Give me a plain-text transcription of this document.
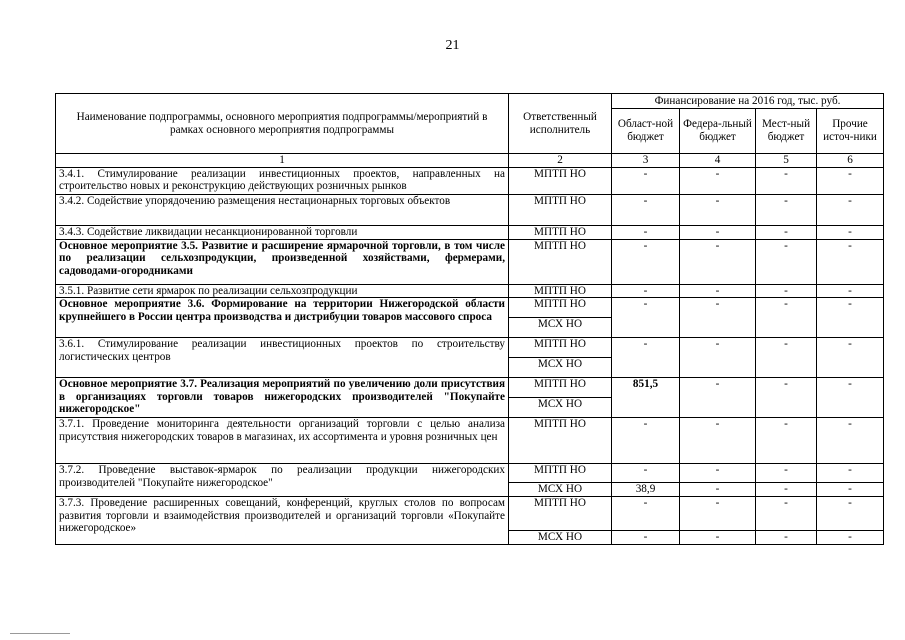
21
Наименование подпрограммы, основного мероприятия подпрограммы/мероприятий в рамках основного мероприятия подпрограммы	Ответственный исполнитель	Финансирование на 2016 год, тыс. руб.			
		Област-ной бюджет	Федера-льный бюджет	Мест-ный бюджет	Прочие источ-ники
1	2	3	4	5	6
3.4.1. Стимулирование реализации инвестиционных проектов, направленных на строительство новых и реконструкцию действующих розничных рынков	МПТП НО	-	-	-	-
3.4.2. Содействие упорядочению размещения нестационарных торговых объектов	МПТП НО	-	-	-	-
3.4.3. Содействие ликвидации несанкционированной торговли	МПТП НО	-	-	-	-
Основное мероприятие 3.5. Развитие и расширение ярмарочной торговли, в том числе по реализации сельхозпродукции, произведенной хозяйствами, фермерами, садоводами-огородниками	МПТП НО	-	-	-	-
3.5.1. Развитие сети ярмарок по реализации сельхозпродукции	МПТП НО	-	-	-	-
Основное мероприятие 3.6. Формирование на территории Нижегородской области крупнейшего в России центра производства и дистрибуции товаров массового спроса	МПТП НО	-	-	-	-
	МСХ НО				
3.6.1. Стимулирование реализации инвестиционных проектов по строительству логистических центров	МПТП НО	-	-	-	-
	МСХ НО				
Основное мероприятие 3.7. Реализация мероприятий по увеличению доли присутствия в организациях торговли товаров нижегородских производителей "Покупайте нижегородское"	МПТП НО	851,5	-	-	-
	МСХ НО				
3.7.1. Проведение мониторинга деятельности организаций торговли с целью анализа присутствия нижегородских товаров в магазинах, их ассортимента и уровня розничных цен	МПТП НО	-	-	-	-
3.7.2. Проведение выставок-ярмарок по реализации продукции нижегородских производителей "Покупайте нижегородское"	МПТП НО	-	-	-	-
	МСХ НО	38,9	-	-	-
3.7.3. Проведение расширенных совещаний, конференций, круглых столов по вопросам развития торговли и взаимодействия производителей и организаций торговли «Покупайте нижегородское»	МПТП НО	-	-	-	-
	МСХ НО	-	-	-	-
